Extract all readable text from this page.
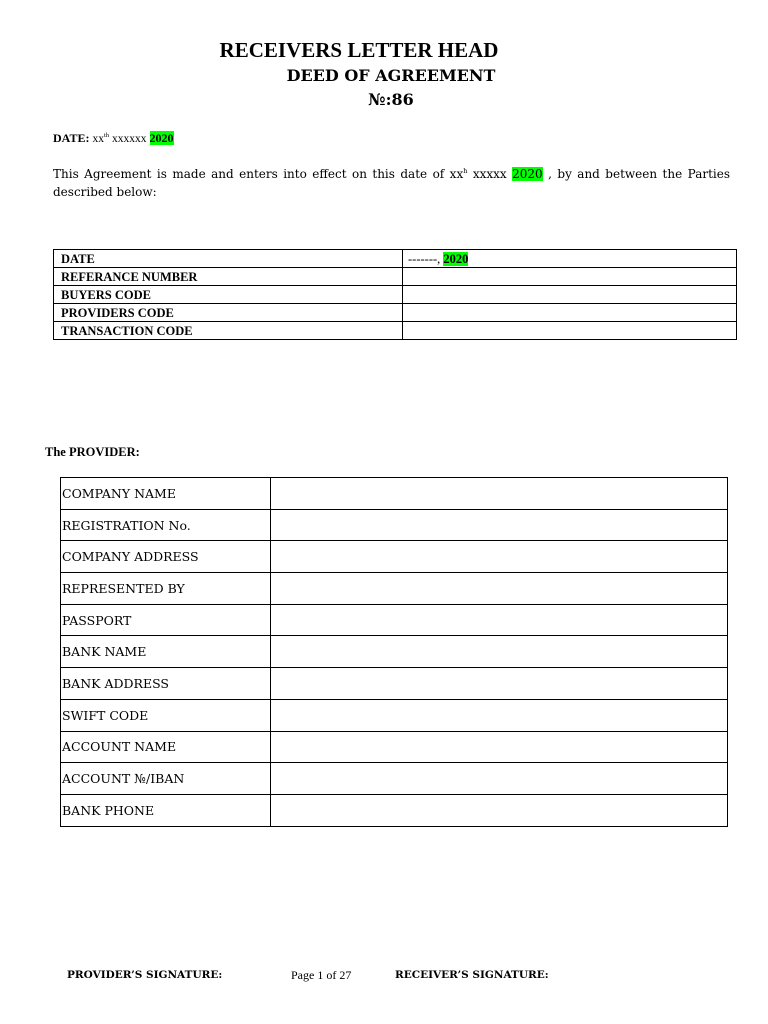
RECEIVERS LETTER HEAD
DEED OF AGREEMENT
№:86
DATE: $xx^{th}$ xxxxxx 2020
This Agreement is made and enters into effect on this date of $xx^h$ xxxxx 2020 , by and between the Parties described below:
DATE	-------, 2020
REFERANCE NUMBER	
BUYERS CODE	
PROVIDERS CODE	
TRANSACTION CODE	
The PROVIDER:
COMPANY NAME	
REGISTRATION No.	
COMPANY ADDRESS	
REPRESENTED BY	
PASSPORT	
BANK NAME	
BANK ADDRESS	
SWIFT CODE	
ACCOUNT NAME	
ACCOUNT №/IBAN	
BANK PHONE	
PROVIDER’S SIGNATURE:	Page 1 of 27	RECEIVER’S SIGNATURE:
